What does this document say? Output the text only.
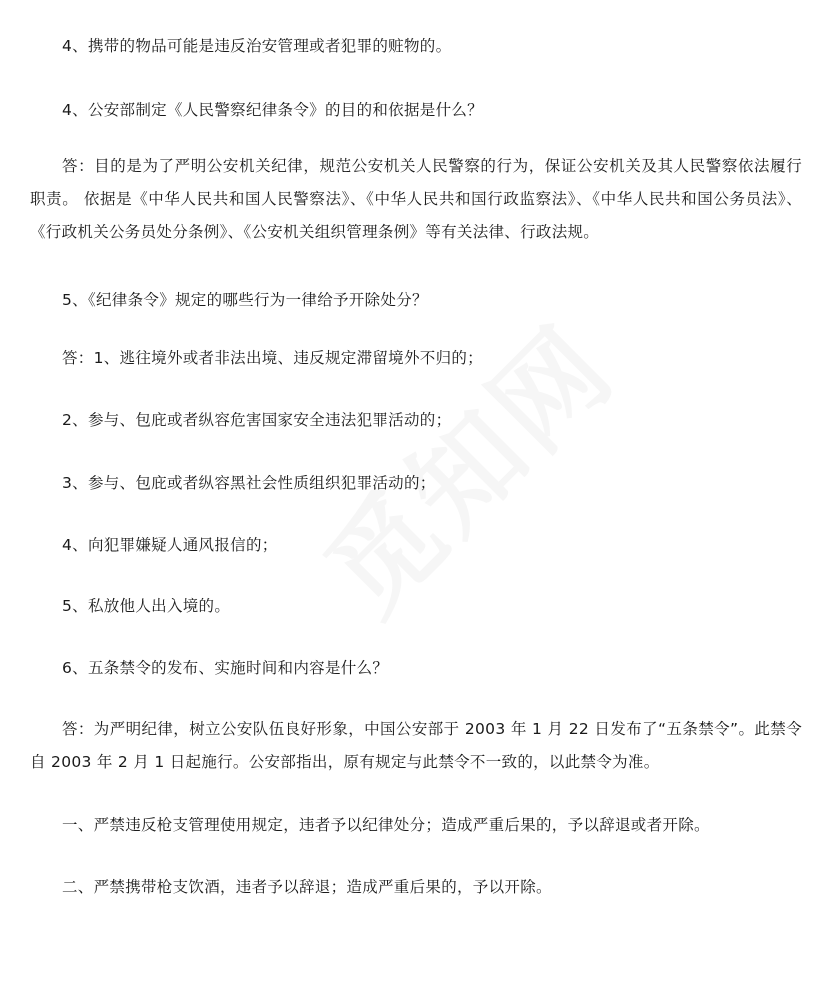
4、携带的物品可能是违反治安管理或者犯罪的赃物的。

4、公安部制定《人民警察纪律条令》的目的和依据是什么？

答：目的是为了严明公安机关纪律，规范公安机关人民警察的行为，保证公安机关及其人民警察依法履行职责。 依据是《中华人民共和国人民警察法》、《中华人民共和国行政监察法》、《中华人民共和国公务员法》、《行政机关公务员处分条例》、《公安机关组织管理条例》等有关法律、行政法规。

5、《纪律条令》规定的哪些行为一律给予开除处分？

答：1、逃往境外或者非法出境、违反规定滞留境外不归的；

2、参与、包庇或者纵容危害国家安全违法犯罪活动的；

3、参与、包庇或者纵容黑社会性质组织犯罪活动的；

4、向犯罪嫌疑人通风报信的；

5、私放他人出入境的。

6、五条禁令的发布、实施时间和内容是什么？

答：为严明纪律，树立公安队伍良好形象，中国公安部于 2003 年 1 月 22 日发布了“五条禁令”。此禁令自 2003 年 2 月 1 日起施行。公安部指出，原有规定与此禁令不一致的，以此禁令为准。

一、严禁违反枪支管理使用规定，违者予以纪律处分；造成严重后果的，予以辞退或者开除。

二、严禁携带枪支饮酒，违者予以辞退；造成严重后果的，予以开除。
